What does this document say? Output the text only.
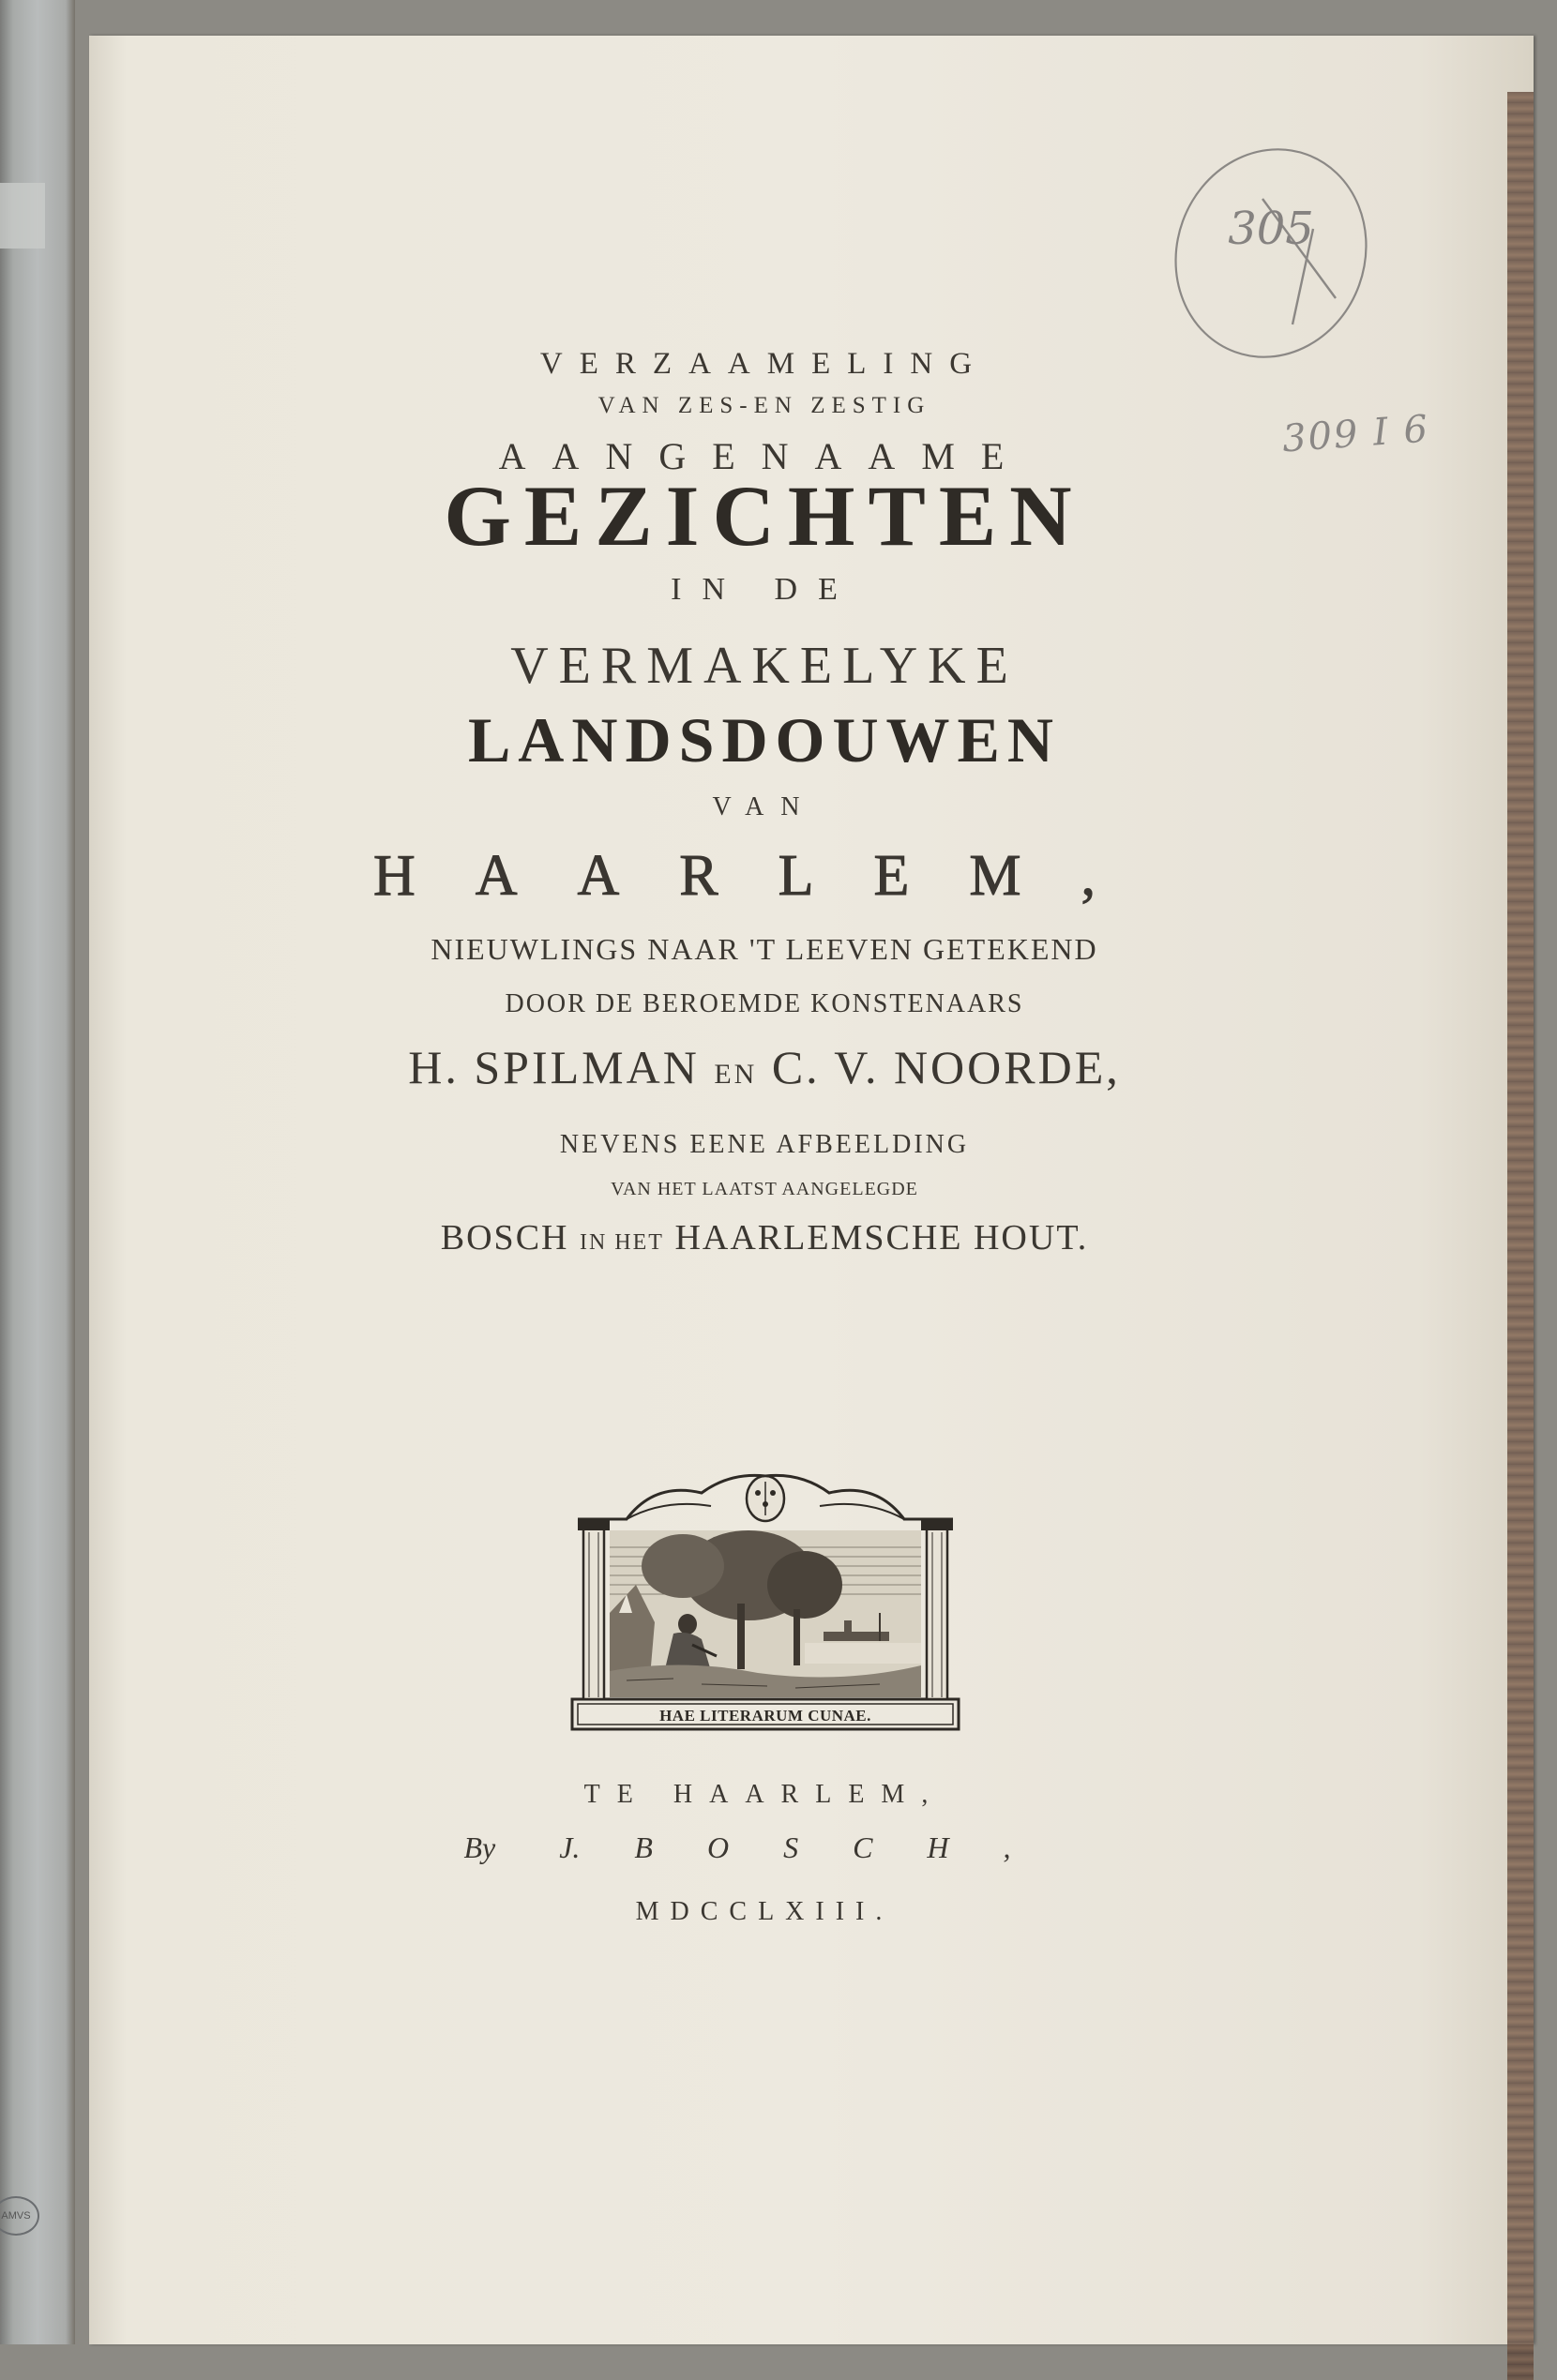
AMVS
305
309 I 6

VERZAAMELING

VAN ZES-EN ZESTIG

AANGENAAME

GEZICHTEN

IN DE

VERMAKELYKE

LANDSDOUWEN

VAN

HAARLEM,

NIEUWLINGS NAAR 'T LEEVEN GETEKEND

DOOR DE BEROEMDE KONSTENAARS

H. SPILMAN EN C. V. NOORDE,

NEVENS EENE AFBEELDING

VAN HET LAATST AANGELEGDE

BOSCH IN HET HAARLEMSCHE HOUT.

HAE LITERARUM CUNAE.

TE HAARLEM,

By J. BOSCH,

MDCCLXIII.
